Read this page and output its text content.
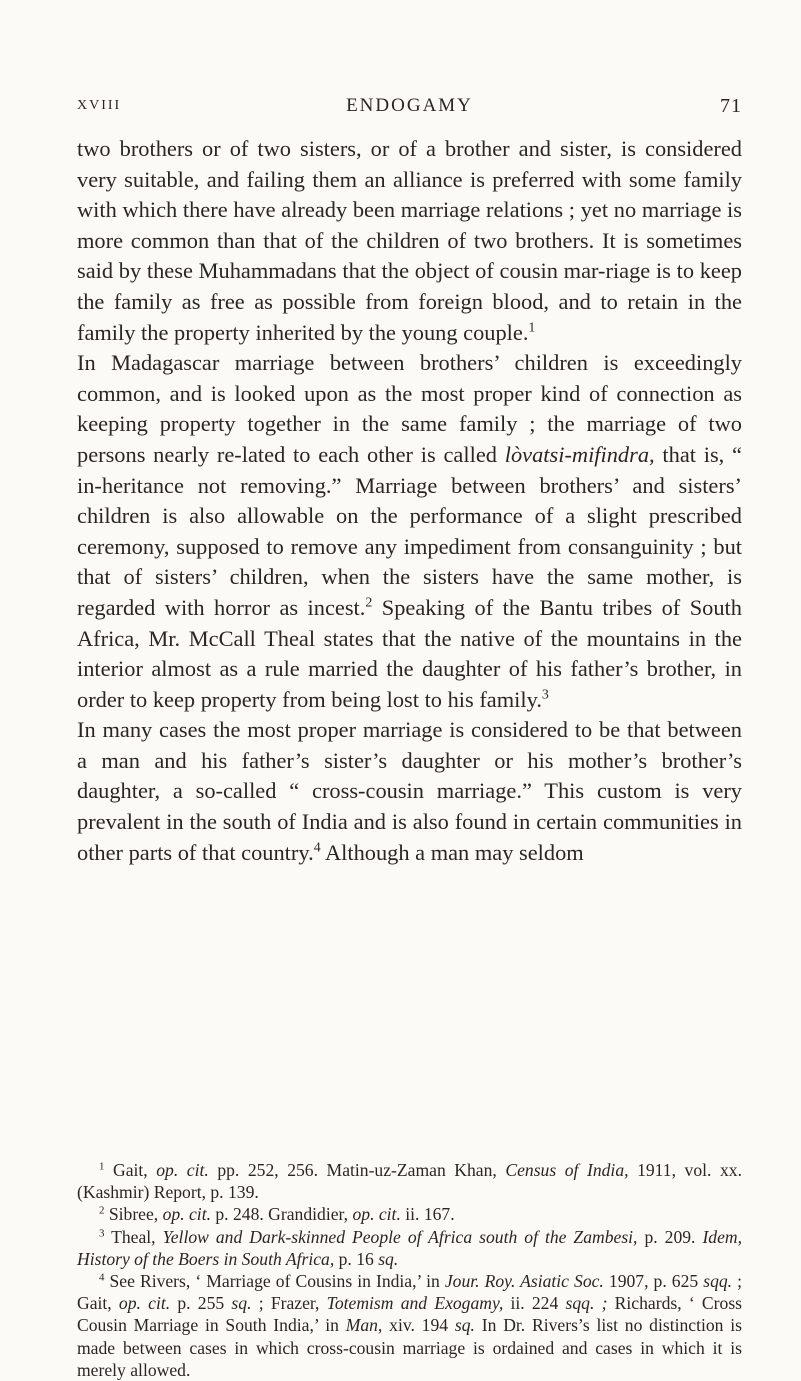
XVIII	ENDOGAMY	71

two brothers or of two sisters, or of a brother and sister, is considered very suitable, and failing them an alliance is preferred with some family with which there have already been marriage relations ; yet no marriage is more common than that of the children of two brothers. It is sometimes said by these Muhammadans that the object of cousin mar-riage is to keep the family as free as possible from foreign blood, and to retain in the family the property inherited by the young couple.$^1$

In Madagascar marriage between brothers’ children is exceedingly common, and is looked upon as the most proper kind of connection as keeping property together in the same family ; the marriage of two persons nearly re-lated to each other is called lòvatsi-mifindra, that is, “ in-heritance not removing.” Marriage between brothers’ and sisters’ children is also allowable on the performance of a slight prescribed ceremony, supposed to remove any impediment from consanguinity ; but that of sisters’ children, when the sisters have the same mother, is regarded with horror as incest.$^2$ Speaking of the Bantu tribes of South Africa, Mr. McCall Theal states that the native of the mountains in the interior almost as a rule married the daughter of his father’s brother, in order to keep property from being lost to his family.$^3$

In many cases the most proper marriage is considered to be that between a man and his father’s sister’s daughter or his mother’s brother’s daughter, a so-called “ cross-cousin marriage.” This custom is very prevalent in the south of India and is also found in certain communities in other parts of that country.$^4$ Although a man may seldom

$^1$ Gait, op. cit. pp. 252, 256. Matin-uz-Zaman Khan, Census of India, 1911, vol. xx. (Kashmir) Report, p. 139.

$^2$ Sibree, op. cit. p. 248. Grandidier, op. cit. ii. 167.

$^3$ Theal, Yellow and Dark-skinned People of Africa south of the Zambesi, p. 209. Idem, History of the Boers in South Africa, p. 16 sq.

$^4$ See Rivers, ‘ Marriage of Cousins in India,’ in Jour. Roy. Asiatic Soc. 1907, p. 625 sqq. ; Gait, op. cit. p. 255 sq. ; Frazer, Totemism and Exogamy, ii. 224 sqq. ; Richards, ‘ Cross Cousin Marriage in South India,’ in Man, xiv. 194 sq. In Dr. Rivers’s list no distinction is made between cases in which cross-cousin marriage is ordained and cases in which it is merely allowed.
